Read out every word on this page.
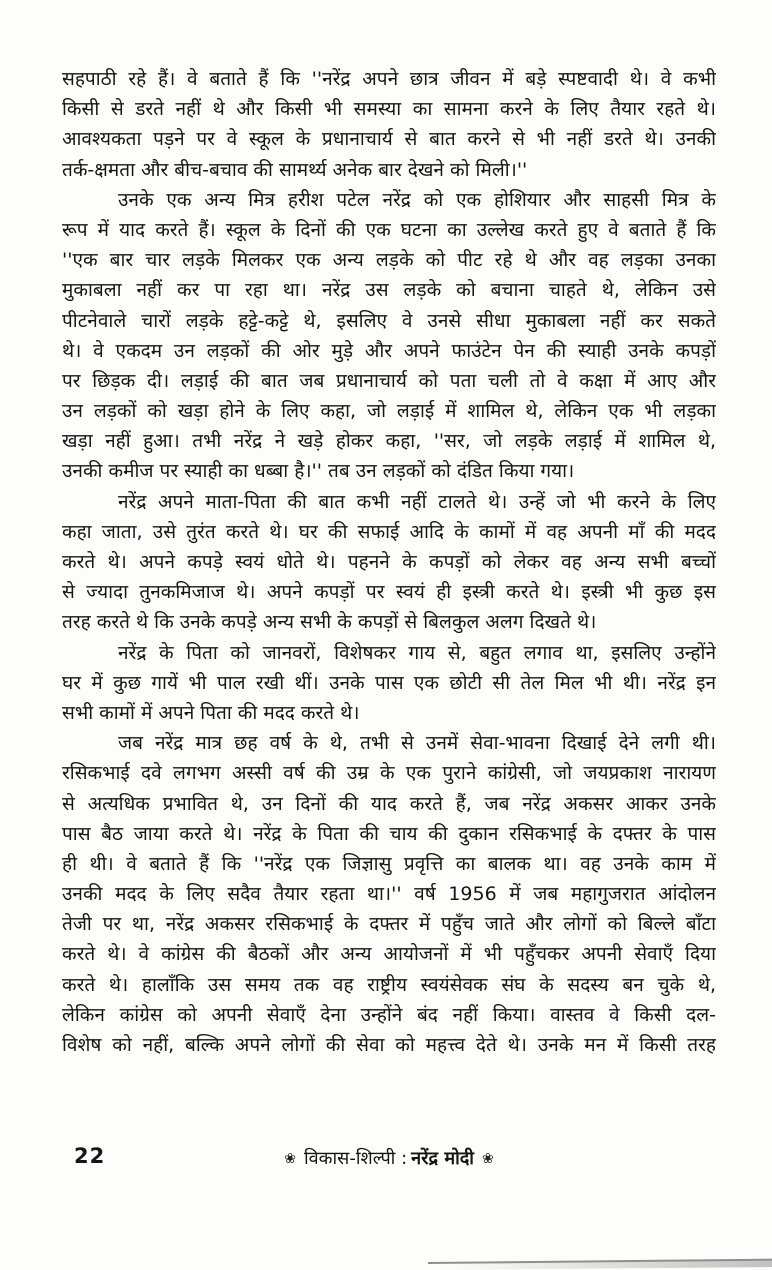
सहपाठी रहे हैं। वे बताते हैं कि ''नरेंद्र अपने छात्र जीवन में बड़े स्पष्टवादी थे। वे कभी
किसी से डरते नहीं थे और किसी भी समस्या का सामना करने के लिए तैयार रहते थे।
आवश्यकता पड़ने पर वे स्कूल के प्रधानाचार्य से बात करने से भी नहीं डरते थे। उनकी
तर्क-क्षमता और बीच-बचाव की सामर्थ्य अनेक बार देखने को मिली।''
उनके एक अन्य मित्र हरीश पटेल नरेंद्र को एक होशियार और साहसी मित्र के
रूप में याद करते हैं। स्कूल के दिनों की एक घटना का उल्लेख करते हुए वे बताते हैं कि
''एक बार चार लड़के मिलकर एक अन्य लड़के को पीट रहे थे और वह लड़का उनका
मुकाबला नहीं कर पा रहा था। नरेंद्र उस लड़के को बचाना चाहते थे, लेकिन उसे
पीटनेवाले चारों लड़के हट्टे-कट्टे थे, इसलिए वे उनसे सीधा मुकाबला नहीं कर सकते
थे। वे एकदम उन लड़कों की ओर मुड़े और अपने फाउंटेन पेन की स्याही उनके कपड़ों
पर छिड़क दी। लड़ाई की बात जब प्रधानाचार्य को पता चली तो वे कक्षा में आए और
उन लड़कों को खड़ा होने के लिए कहा, जो लड़ाई में शामिल थे, लेकिन एक भी लड़का
खड़ा नहीं हुआ। तभी नरेंद्र ने खड़े होकर कहा, ''सर, जो लड़के लड़ाई में शामिल थे,
उनकी कमीज पर स्याही का धब्बा है।'' तब उन लड़कों को दंडित किया गया।
नरेंद्र अपने माता-पिता की बात कभी नहीं टालते थे। उन्हें जो भी करने के लिए
कहा जाता, उसे तुरंत करते थे। घर की सफाई आदि के कामों में वह अपनी माँ की मदद
करते थे। अपने कपड़े स्वयं धोते थे। पहनने के कपड़ों को लेकर वह अन्य सभी बच्चों
से ज्यादा तुनकमिजाज थे। अपने कपड़ों पर स्वयं ही इस्त्री करते थे। इस्त्री भी कुछ इस
तरह करते थे कि उनके कपड़े अन्य सभी के कपड़ों से बिलकुल अलग दिखते थे।
नरेंद्र के पिता को जानवरों, विशेषकर गाय से, बहुत लगाव था, इसलिए उन्होंने
घर में कुछ गायें भी पाल रखी थीं। उनके पास एक छोटी सी तेल मिल भी थी। नरेंद्र इन
सभी कामों में अपने पिता की मदद करते थे।
जब नरेंद्र मात्र छह वर्ष के थे, तभी से उनमें सेवा-भावना दिखाई देने लगी थी।
रसिकभाई दवे लगभग अस्सी वर्ष की उम्र के एक पुराने कांग्रेसी, जो जयप्रकाश नारायण
से अत्यधिक प्रभावित थे, उन दिनों की याद करते हैं, जब नरेंद्र अकसर आकर उनके
पास बैठ जाया करते थे। नरेंद्र के पिता की चाय की दुकान रसिकभाई के दफ्तर के पास
ही थी। वे बताते हैं कि ''नरेंद्र एक जिज्ञासु प्रवृत्ति का बालक था। वह उनके काम में
उनकी मदद के लिए सदैव तैयार रहता था।'' वर्ष 1956 में जब महागुजरात आंदोलन
तेजी पर था, नरेंद्र अकसर रसिकभाई के दफ्तर में पहुँच जाते और लोगों को बिल्ले बाँटा
करते थे। वे कांग्रेस की बैठकों और अन्य आयोजनों में भी पहुँचकर अपनी सेवाएँ दिया
करते थे। हालाँकि उस समय तक वह राष्ट्रीय स्वयंसेवक संघ के सदस्य बन चुके थे,
लेकिन कांग्रेस को अपनी सेवाएँ देना उन्होंने बंद नहीं किया। वास्तव वे किसी दल-
विशेष को नहीं, बल्कि अपने लोगों की सेवा को महत्त्व देते थे। उनके मन में किसी तरह
22	❀ विकास-शिल्पी : नरेंद्र मोदी ❀
